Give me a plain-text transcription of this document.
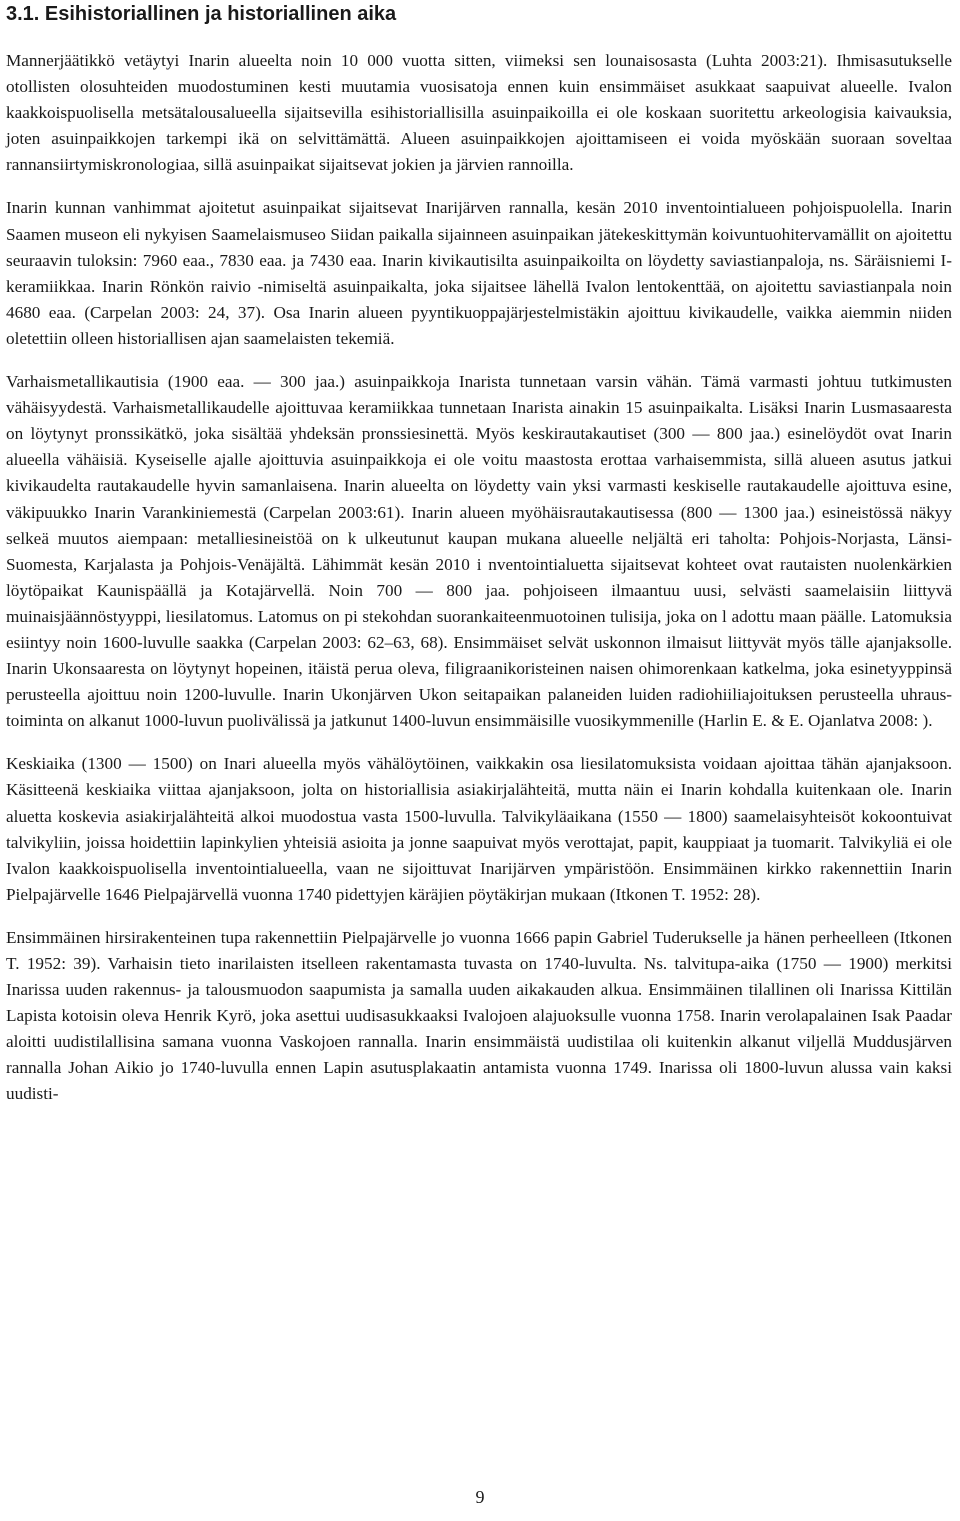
3.1. Esihistoriallinen ja historiallinen aika

Mannerjäätikkö vetäytyi Inarin alueelta noin 10 000 vuotta sitten, viimeksi sen lounaisosasta (Luhta 2003:21). Ihmisasutukselle otollisten olosuhteiden muodostuminen kesti muutamia vuosisatoja ennen kuin ensimmäiset asukkaat saapuivat alueelle. Ivalon kaakkoispuolisella metsätalousalueella sijaitsevilla esihistoriallisilla asuinpaikoilla ei ole koskaan suoritettu arkeologisia kaivauksia, joten asuinpaikkojen tarkempi ikä on selvittämättä. Alueen asuinpaikkojen ajoittamiseen ei voida myöskään suoraan soveltaa rannansiirtymiskronologiaa, sillä asuinpaikat sijaitsevat jokien ja järvien rannoilla.

Inarin kunnan vanhimmat ajoitetut asuinpaikat sijaitsevat Inarijärven rannalla, kesän 2010 inventointialueen pohjoispuolella. Inarin Saamen museon eli nykyisen Saamelaismuseo Siidan paikalla sijainneen asuinpaikan jätekeskittymän koivuntuohitervamällit on ajoitettu seuraavin tuloksin: 7960 eaa., 7830 eaa. ja 7430 eaa. Inarin kivikautisilta asuinpaikoilta on löydetty saviastianpaloja, ns. Säräisniemi I-keramiikkaa. Inarin Rönkön raivio -nimiseltä asuinpaikalta, joka sijaitsee lähellä Ivalon lentokenttää, on ajoitettu saviastianpala noin 4680 eaa. (Carpelan 2003: 24, 37). Osa Inarin alueen pyyntikuoppajärjestelmistäkin ajoittuu kivikaudelle, vaikka aiemmin niiden oletettiin olleen historiallisen ajan saamelaisten tekemiä.

Varhaismetallikautisia (1900 eaa. — 300 jaa.) asuinpaikkoja Inarista tunnetaan varsin vähän. Tämä varmasti johtuu tutkimusten vähäisyydestä. Varhaismetallikaudelle ajoittuvaa keramiikkaa tunnetaan Inarista ainakin 15 asuinpaikalta. Lisäksi Inarin Lusmasaaresta on löytynyt pronssikätkö, joka sisältää yhdeksän pronssiesinettä. Myös keskirautakautiset (300 — 800 jaa.) esinelöydöt ovat Inarin alueella vähäisiä. Kyseiselle ajalle ajoittuvia asuinpaikkoja ei ole voitu maastosta erottaa varhaisemmista, sillä alueen asutus jatkui kivikaudelta rautakaudelle hyvin samanlaisena. Inarin alueelta on löydetty vain yksi varmasti keskiselle rautakaudelle ajoittuva esine, väkipuukko Inarin Varankiniemestä (Carpelan 2003:61). Inarin alueen myöhäisrautakautisessa (800 — 1300 jaa.) esineistössä näkyy selkeä muutos aiempaan: metalliesineistöä on k ulkeutunut kaupan mukana alueelle neljältä eri taholta: Pohjois-Norjasta, Länsi-Suomesta, Karjalasta ja Pohjois-Venäjältä. Lähimmät kesän 2010 i nventointialuetta sijaitsevat kohteet ovat rautaisten nuolenkärkien löytöpaikat Kaunispäällä ja Kotajärvellä. Noin 700 — 800 jaa. pohjoiseen ilmaantuu uusi, selvästi saamelaisiin liittyvä muinaisjäännöstyyppi, liesilatomus. Latomus on pi stekohdan suorankaiteenmuotoinen tulisija, joka on l adottu maan päälle. Latomuksia esiintyy noin 1600-luvulle saakka (Carpelan 2003: 62–63, 68). Ensimmäiset selvät uskonnon ilmaisut liittyvät myös tälle ajanjaksolle. Inarin Ukonsaaresta on löytynyt hopeinen, itäistä perua oleva, filigraanikoristeinen naisen ohimorenkaan katkelma, joka esinetyyppinsä perusteella ajoittuu noin 1200-luvulle. Inarin Ukonjärven Ukon seitapaikan palaneiden luiden radiohiiliajoituksen perusteella uhraustoiminta on alkanut 1000-luvun puolivälissä ja jatkunut 1400-luvun ensimmäisille vuosikymmenille (Harlin E. & E. Ojanlatva 2008: ).

Keskiaika (1300 — 1500) on Inari alueella myös vähälöytöinen, vaikkakin osa liesilatomuksista voidaan ajoittaa tähän ajanjaksoon. Käsitteenä keskiaika viittaa ajanjaksoon, jolta on historiallisia asiakirjalähteitä, mutta näin ei Inarin kohdalla kuitenkaan ole. Inarin aluetta koskevia asiakirjalähteitä alkoi muodostua vasta 1500-luvulla. Talvikyläaikana (1550 — 1800) saamelaisyhteisöt kokoontuivat talvikyliin, joissa hoidettiin lapinkylien yhteisiä asioita ja jonne saapuivat myös verottajat, papit, kauppiaat ja tuomarit. Talvikyliä ei ole Ivalon kaakkoispuolisella inventointialueella, vaan ne sijoittuvat Inarijärven ympäristöön. Ensimmäinen kirkko rakennettiin Inarin Pielpajärvelle 1646 Pielpajärvellä vuonna 1740 pidettyjen käräjien pöytäkirjan mukaan (Itkonen T. 1952: 28).

Ensimmäinen hirsirakenteinen tupa rakennettiin Pielpajärvelle jo vuonna 1666 papin Gabriel Tuderukselle ja hänen perheelleen (Itkonen T. 1952: 39). Varhaisin tieto inarilaisten itselleen rakentamasta tuvasta on 1740-luvulta. Ns. talvitupa-aika (1750 — 1900) merkitsi Inarissa uuden rakennus- ja talousmuodon saapumista ja samalla uuden aikakauden alkua. Ensimmäinen tilallinen oli Inarissa Kittilän Lapista kotoisin oleva Henrik Kyrö, joka asettui uudisasukkaaksi Ivalojoen alajuoksulle vuonna 1758. Inarin verolapalainen Isak Paadar aloitti uudistilallisina samana vuonna Vaskojoen rannalla. Inarin ensimmäistä uudistilaa oli kuitenkin alkanut viljellä Muddusjärven rannalla Johan Aikio jo 1740-luvulla ennen Lapin asutusplakaatin antamista vuonna 1749. Inarissa oli 1800-luvun alussa vain kaksi uudisti-

9
